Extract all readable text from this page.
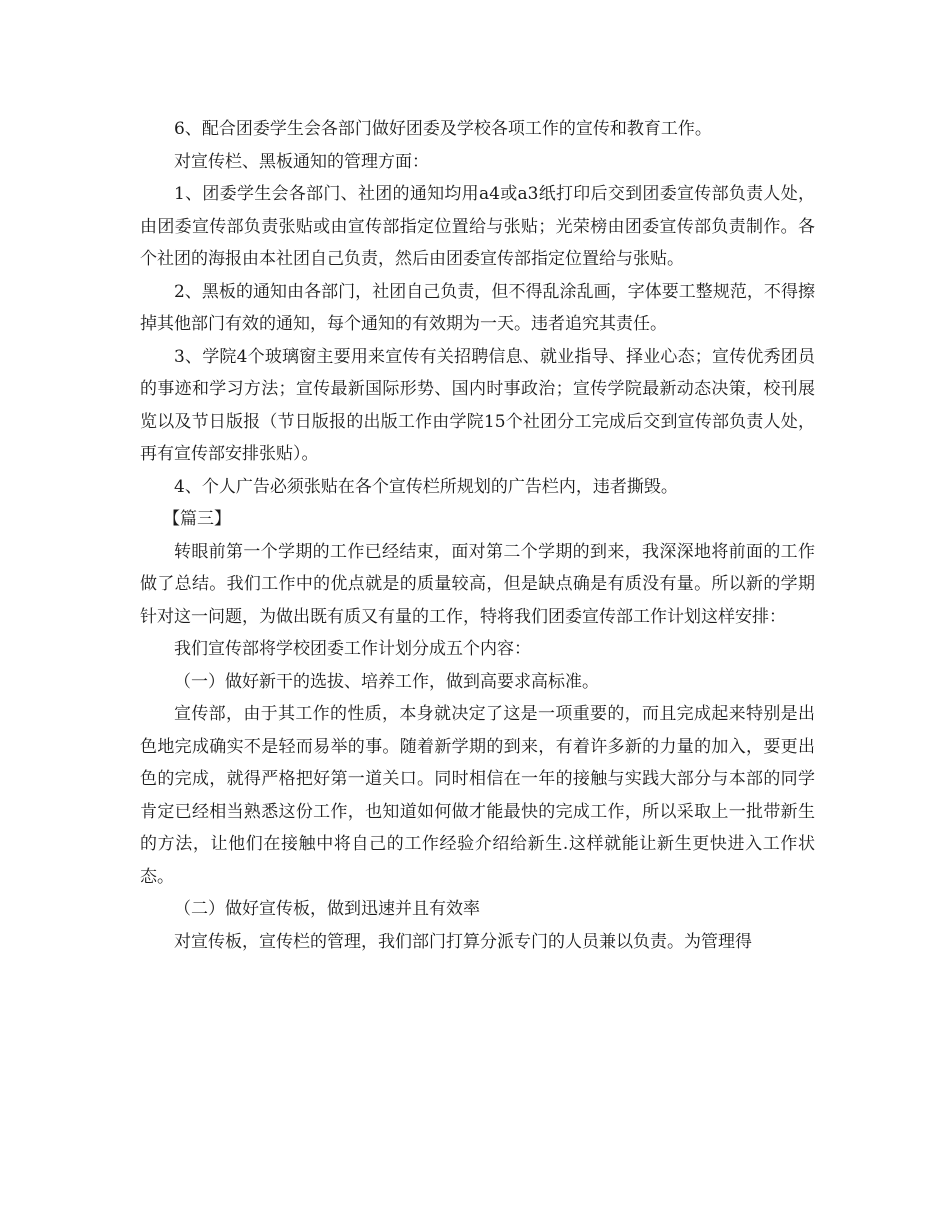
6、配合团委学生会各部门做好团委及学校各项工作的宣传和教育工作。

对宣传栏、黑板通知的管理方面：

1、团委学生会各部门、社团的通知均用a4或a3纸打印后交到团委宣传部负责人处，由团委宣传部负责张贴或由宣传部指定位置给与张贴；光荣榜由团委宣传部负责制作。各个社团的海报由本社团自己负责，然后由团委宣传部指定位置给与张贴。

2、黑板的通知由各部门，社团自己负责，但不得乱涂乱画，字体要工整规范，不得擦掉其他部门有效的通知，每个通知的有效期为一天。违者追究其责任。

3、学院4个玻璃窗主要用来宣传有关招聘信息、就业指导、择业心态；宣传优秀团员的事迹和学习方法；宣传最新国际形势、国内时事政治；宣传学院最新动态决策，校刊展览以及节日版报（节日版报的出版工作由学院15个社团分工完成后交到宣传部负责人处，再有宣传部安排张贴）。

4、个人广告必须张贴在各个宣传栏所规划的广告栏内，违者撕毁。

【篇三】

转眼前第一个学期的工作已经结束，面对第二个学期的到来，我深深地将前面的工作做了总结。我们工作中的优点就是的质量较高，但是缺点确是有质没有量。所以新的学期针对这一问题，为做出既有质又有量的工作，特将我们团委宣传部工作计划这样安排：

我们宣传部将学校团委工作计划分成五个内容：

（一）做好新干的选拔、培养工作，做到高要求高标准。

宣传部，由于其工作的性质，本身就决定了这是一项重要的，而且完成起来特别是出色地完成确实不是轻而易举的事。随着新学期的到来，有着许多新的力量的加入，要更出色的完成，就得严格把好第一道关口。同时相信在一年的接触与实践大部分与本部的同学肯定已经相当熟悉这份工作，也知道如何做才能最快的完成工作，所以采取上一批带新生的方法，让他们在接触中将自己的工作经验介绍给新生.这样就能让新生更快进入工作状态。

（二）做好宣传板，做到迅速并且有效率

对宣传板，宣传栏的管理，我们部门打算分派专门的人员兼以负责。为管理得
